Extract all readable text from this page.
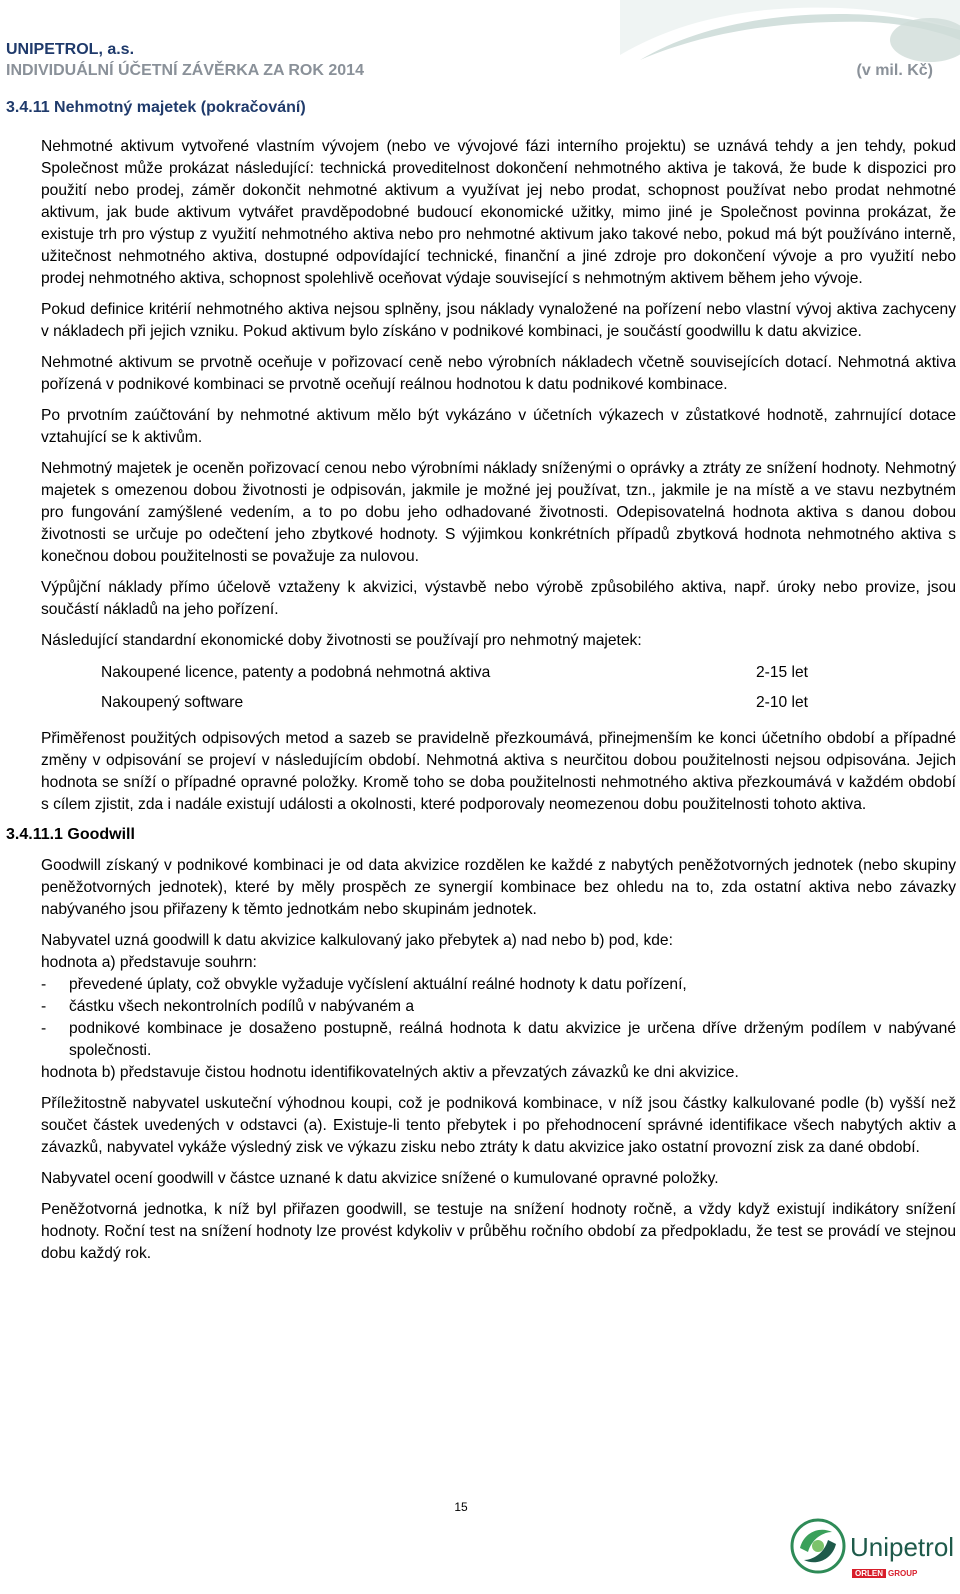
UNIPETROL, a.s.
INDIVIDUÁLNÍ ÚČETNÍ ZÁVĚRKA ZA ROK 2014	(v mil. Kč)
3.4.11 Nehmotný majetek (pokračování)

Nehmotné aktivum vytvořené vlastním vývojem (nebo ve vývojové fázi interního projektu) se uznává tehdy a jen tehdy, pokud Společnost může prokázat následující: technická proveditelnost dokončení nehmotného aktiva je taková, že bude k dispozici pro použití nebo prodej, záměr dokončit nehmotné aktivum a využívat jej nebo prodat, schopnost používat nebo prodat nehmotné aktivum, jak bude aktivum vytvářet pravděpodobné budoucí ekonomické užitky, mimo jiné je Společnost povinna prokázat, že existuje trh pro výstup z využití nehmotného aktiva nebo pro nehmotné aktivum jako takové nebo, pokud má být používáno interně, užitečnost nehmotného aktiva, dostupné odpovídající technické, finanční a jiné zdroje pro dokončení vývoje a pro využití nebo prodej nehmotného aktiva, schopnost spolehlivě oceňovat výdaje související s nehmotným aktivem během jeho vývoje.

Pokud definice kritérií nehmotného aktiva nejsou splněny, jsou náklady vynaložené na pořízení nebo vlastní vývoj aktiva zachyceny v nákladech při jejich vzniku. Pokud aktivum bylo získáno v podnikové kombinaci, je součástí goodwillu k datu akvizice.

Nehmotné aktivum se prvotně oceňuje v pořizovací ceně nebo výrobních nákladech včetně souvisejících dotací. Nehmotná aktiva pořízená v podnikové kombinaci se prvotně oceňují reálnou hodnotou k datu podnikové kombinace.

Po prvotním zaúčtování by nehmotné aktivum mělo být vykázáno v účetních výkazech v zůstatkové hodnotě, zahrnující dotace vztahující se k aktivům.

Nehmotný majetek je oceněn pořizovací cenou nebo výrobními náklady sníženými o oprávky a ztráty ze snížení hodnoty. Nehmotný majetek s omezenou dobou životnosti je odpisován, jakmile je možné jej používat, tzn., jakmile je na místě a ve stavu nezbytném pro fungování zamýšlené vedením, a to po dobu jeho odhadované životnosti. Odepisovatelná hodnota aktiva s danou dobou životnosti se určuje po odečtení jeho zbytkové hodnoty. S výjimkou konkrétních případů zbytková hodnota nehmotného aktiva s konečnou dobou použitelnosti se považuje za nulovou.

Výpůjční náklady přímo účelově vztaženy k akvizici, výstavbě nebo výrobě způsobilého aktiva, např. úroky nebo provize, jsou součástí nákladů na jeho pořízení.

Následující standardní ekonomické doby životnosti se používají pro nehmotný majetek:

Nakoupené licence, patenty a podobná nehmotná aktiva	2-15 let
Nakoupený software	2-10 let

Přiměřenost použitých odpisových metod a sazeb se pravidelně přezkoumává, přinejmenším ke konci účetního období a případné změny v odpisování se projeví v následujícím období. Nehmotná aktiva s neurčitou dobou použitelnosti nejsou odpisována. Jejich hodnota se sníží o případné opravné položky. Kromě toho se doba použitelnosti nehmotného aktiva přezkoumává v každém období s cílem zjistit, zda i nadále existují události a okolnosti, které podporovaly neomezenou dobu použitelnosti tohoto aktiva.

3.4.11.1 Goodwill

Goodwill získaný v podnikové kombinaci je od data akvizice rozdělen ke každé z nabytých peněžotvorných jednotek (nebo skupiny peněžotvorných jednotek), které by měly prospěch ze synergií kombinace bez ohledu na to, zda ostatní aktiva nebo závazky nabývaného jsou přiřazeny k těmto jednotkám nebo skupinám jednotek.

Nabyvatel uzná goodwill k datu akvizice kalkulovaný jako přebytek a) nad nebo b) pod, kde:

hodnota a) představuje souhrn:

- převedené úplaty, což obvykle vyžaduje vyčíslení aktuální reálné hodnoty k datu pořízení,
- částku všech nekontrolních podílů v nabývaném a
- podnikové kombinace je dosaženo postupně, reálná hodnota k datu akvizice je určena dříve drženým podílem v nabývané společnosti.

hodnota b) představuje čistou hodnotu identifikovatelných aktiv a převzatých závazků ke dni akvizice.

Příležitostně nabyvatel uskuteční výhodnou koupi, což je podniková kombinace, v níž jsou částky kalkulované podle (b) vyšší než součet částek uvedených v odstavci (a). Existuje-li tento přebytek i po přehodnocení správné identifikace všech nabytých aktiv a závazků, nabyvatel vykáže výsledný zisk ve výkazu zisku nebo ztráty k datu akvizice jako ostatní provozní zisk za dané období.

Nabyvatel ocení goodwill v částce uznané k datu akvizice snížené o kumulované opravné položky.

Peněžotvorná jednotka, k níž byl přiřazen goodwill, se testuje na snížení hodnoty ročně, a vždy když existují indikátory snížení hodnoty. Roční test na snížení hodnoty lze provést kdykoliv v průběhu ročního období za předpokladu, že test se provádí ve stejnou dobu každý rok.

15
Unipetrol
ORLEN GROUP
